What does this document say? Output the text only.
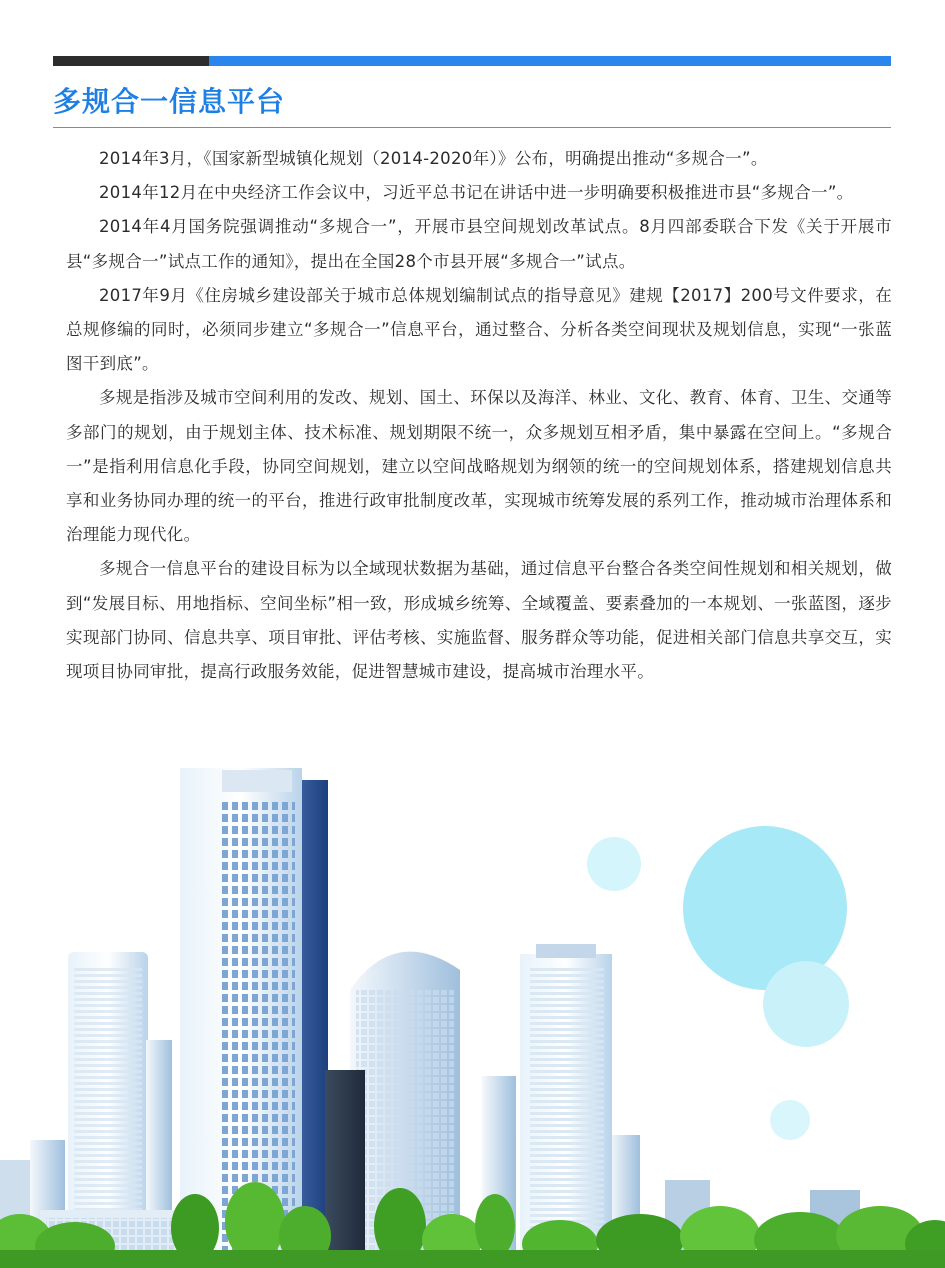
多规合一信息平台

2014年3月，《国家新型城镇化规划（2014-2020年）》公布，明确提出推动“多规合一”。

2014年12月在中央经济工作会议中，习近平总书记在讲话中进一步明确要积极推进市县“多规合一”。

2014年4月国务院强调推动“多规合一”，开展市县空间规划改革试点。8月四部委联合下发《关于开展市县“多规合一”试点工作的通知》，提出在全国28个市县开展“多规合一”试点。

2017年9月《住房城乡建设部关于城市总体规划编制试点的指导意见》建规【2017】200号文件要求，在总规修编的同时，必须同步建立“多规合一”信息平台，通过整合、分析各类空间现状及规划信息，实现“一张蓝图干到底”。

多规是指涉及城市空间利用的发改、规划、国土、环保以及海洋、林业、文化、教育、体育、卫生、交通等多部门的规划，由于规划主体、技术标准、规划期限不统一，众多规划互相矛盾，集中暴露在空间上。“多规合一”是指利用信息化手段，协同空间规划，建立以空间战略规划为纲领的统一的空间规划体系，搭建规划信息共享和业务协同办理的统一的平台，推进行政审批制度改革，实现城市统筹发展的系列工作，推动城市治理体系和治理能力现代化。

多规合一信息平台的建设目标为以全域现状数据为基础，通过信息平台整合各类空间性规划和相关规划，做到“发展目标、用地指标、空间坐标”相一致，形成城乡统筹、全域覆盖、要素叠加的一本规划、一张蓝图，逐步实现部门协同、信息共享、项目审批、评估考核、实施监督、服务群众等功能，促进相关部门信息共享交互，实现项目协同审批，提高行政服务效能，促进智慧城市建设，提高城市治理水平。
